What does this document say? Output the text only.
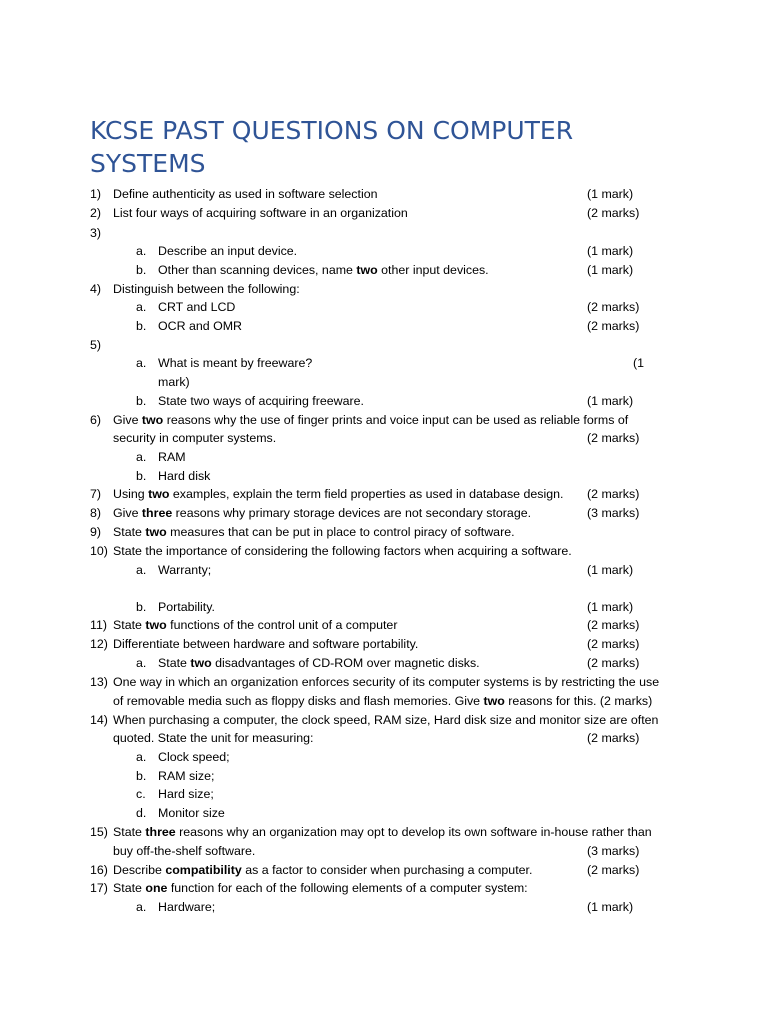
KCSE PAST QUESTIONS ON COMPUTER SYSTEMS
1) Define authenticity as used in software selection	(1 mark)
2) List four ways of acquiring software in an organization	(2 marks)
3)
a. Describe an input device.	(1 mark)
b. Other than scanning devices, name two other input devices.	(1 mark)
4) Distinguish between the following:
a. CRT and LCD	(2 marks)
b. OCR and OMR	(2 marks)
5)
a. What is meant by freeware?	(1
mark)
b. State two ways of acquiring freeware.	(1 mark)
6) Give two reasons why the use of finger prints and voice input can be used as reliable forms of
security in computer systems.	(2 marks)
a. RAM
b. Hard disk
7) Using two examples, explain the term field properties as used in database design. (2 marks)
8) Give three reasons why primary storage devices are not secondary storage.	(3 marks)
9) State two measures that can be put in place to control piracy of software.
10) State the importance of considering the following factors when acquiring a software.
a. Warranty;	(1 mark)
b. Portability.	(1 mark)
11) State two functions of the control unit of a computer	(2 marks)
12) Differentiate between hardware and software portability.	(2 marks)
a. State two disadvantages of CD-ROM over magnetic disks.	(2 marks)
13) One way in which an organization enforces security of its computer systems is by restricting the use
of removable media such as floppy disks and flash memories. Give two reasons for this. (2 marks)
14) When purchasing a computer, the clock speed, RAM size, Hard disk size and monitor size are often
quoted. State the unit for measuring:	(2 marks)
a. Clock speed;
b. RAM size;
c. Hard size;
d. Monitor size
15) State three reasons why an organization may opt to develop its own software in-house rather than
buy off-the-shelf software.	(3 marks)
16) Describe compatibility as a factor to consider when purchasing a computer.	(2 marks)
17) State one function for each of the following elements of a computer system:
a. Hardware;	(1 mark)
